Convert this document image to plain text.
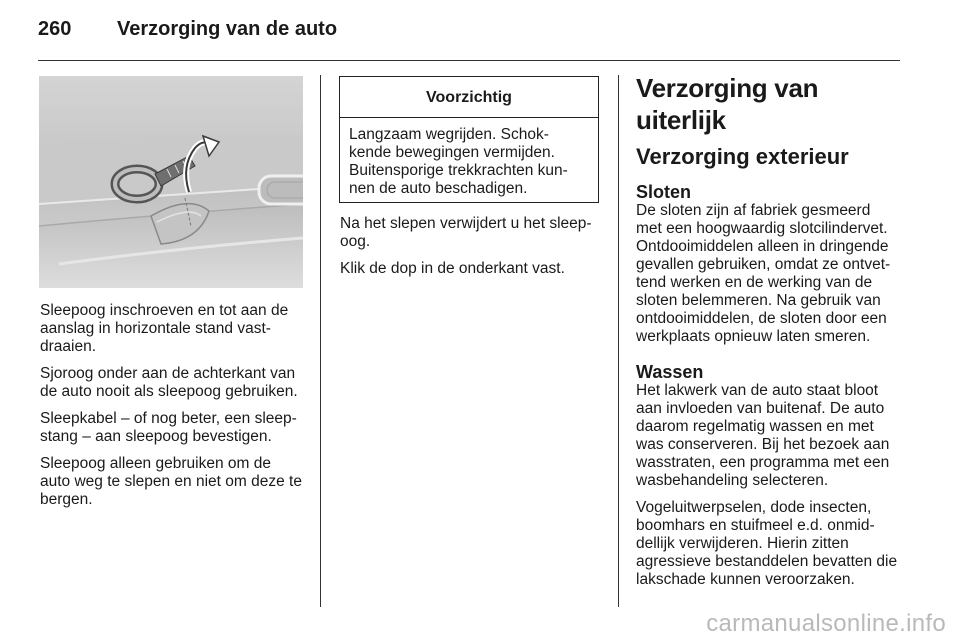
260 Verzorging van de auto

Sleepoog inschroeven en tot aan de aanslag in horizontale stand vast-draaien.

Sjoroog onder aan de achterkant van de auto nooit als sleepoog gebruiken.

Sleepkabel – of nog beter, een sleep-stang – aan sleepoog bevestigen.

Sleepoog alleen gebruiken om de auto weg te slepen en niet om deze te bergen.

Voorzichtig
Langzaam wegrijden. Schok-kende bewegingen vermijden. Buitensporige trekkrachten kun-nen de auto beschadigen.

Na het slepen verwijdert u het sleep-oog.

Klik de dop in de onderkant vast.

Verzorging van uiterlijk
Verzorging exterieur
Sloten

De sloten zijn af fabriek gesmeerd met een hoogwaardig slotcilindervet. Ontdooimiddelen alleen in dringende gevallen gebruiken, omdat ze ontvet-tend werken en de werking van de sloten belemmeren. Na gebruik van ontdooimiddelen, de sloten door een werkplaats opnieuw laten smeren.

Wassen

Het lakwerk van de auto staat bloot aan invloeden van buitenaf. De auto daarom regelmatig wassen en met was conserveren. Bij het bezoek aan wasstraten, een programma met een wasbehandeling selecteren.

Vogeluitwerpselen, dode insecten, boomhars en stuifmeel e.d. onmid-dellijk verwijderen. Hierin zitten agressieve bestanddelen bevatten die lakschade kunnen veroorzaken.

carmanualsonline.info
